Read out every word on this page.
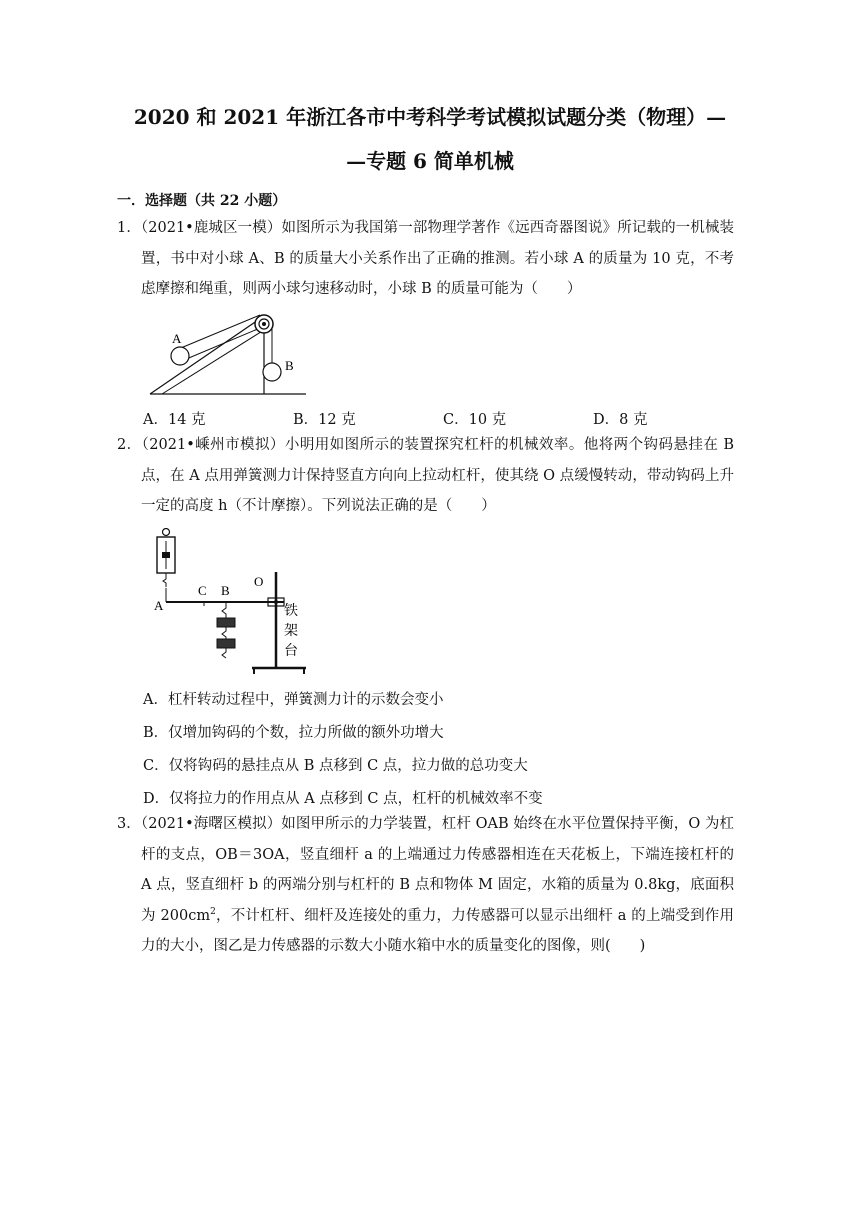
2020 和 2021 年浙江各市中考科学考试模拟试题分类（物理）—
—专题 6 简单机械
一．选择题（共 22 小题）
1．（2021•鹿城区一模）如图所示为我国第一部物理学著作《远西奇器图说》所记载的一机械装置，书中对小球 A、B 的质量大小关系作出了正确的推测。若小球 A 的质量为 10 克，不考虑摩擦和绳重，则两小球匀速移动时，小球 B 的质量可能为（　　）
A
B
A．14 克	B．12 克	C．10 克	D．8 克
2．（2021•嵊州市模拟）小明用如图所示的装置探究杠杆的机械效率。他将两个钩码悬挂在 B 点，在 A 点用弹簧测力计保持竖直方向向上拉动杠杆，使其绕 O 点缓慢转动，带动钩码上升一定的高度 h（不计摩擦）。下列说法正确的是（　　）
A
C B
O
铁
架
台
A．杠杆转动过程中，弹簧测力计的示数会变小
B．仅增加钩码的个数，拉力所做的额外功增大
C．仅将钩码的悬挂点从 B 点移到 C 点，拉力做的总功变大
D．仅将拉力的作用点从 A 点移到 C 点，杠杆的机械效率不变
3．（2021•海曙区模拟）如图甲所示的力学装置，杠杆 OAB 始终在水平位置保持平衡，O 为杠杆的支点，OB＝3OA，竖直细杆 a 的上端通过力传感器相连在天花板上，下端连接杠杆的 A 点，竖直细杆 b 的两端分别与杠杆的 B 点和物体 M 固定，水箱的质量为 0.8kg，底面积为 $200cm^2$，不计杠杆、细杆及连接处的重力，力传感器可以显示出细杆 a 的上端受到作用力的大小，图乙是力传感器的示数大小随水箱中水的质量变化的图像，则(　　)
